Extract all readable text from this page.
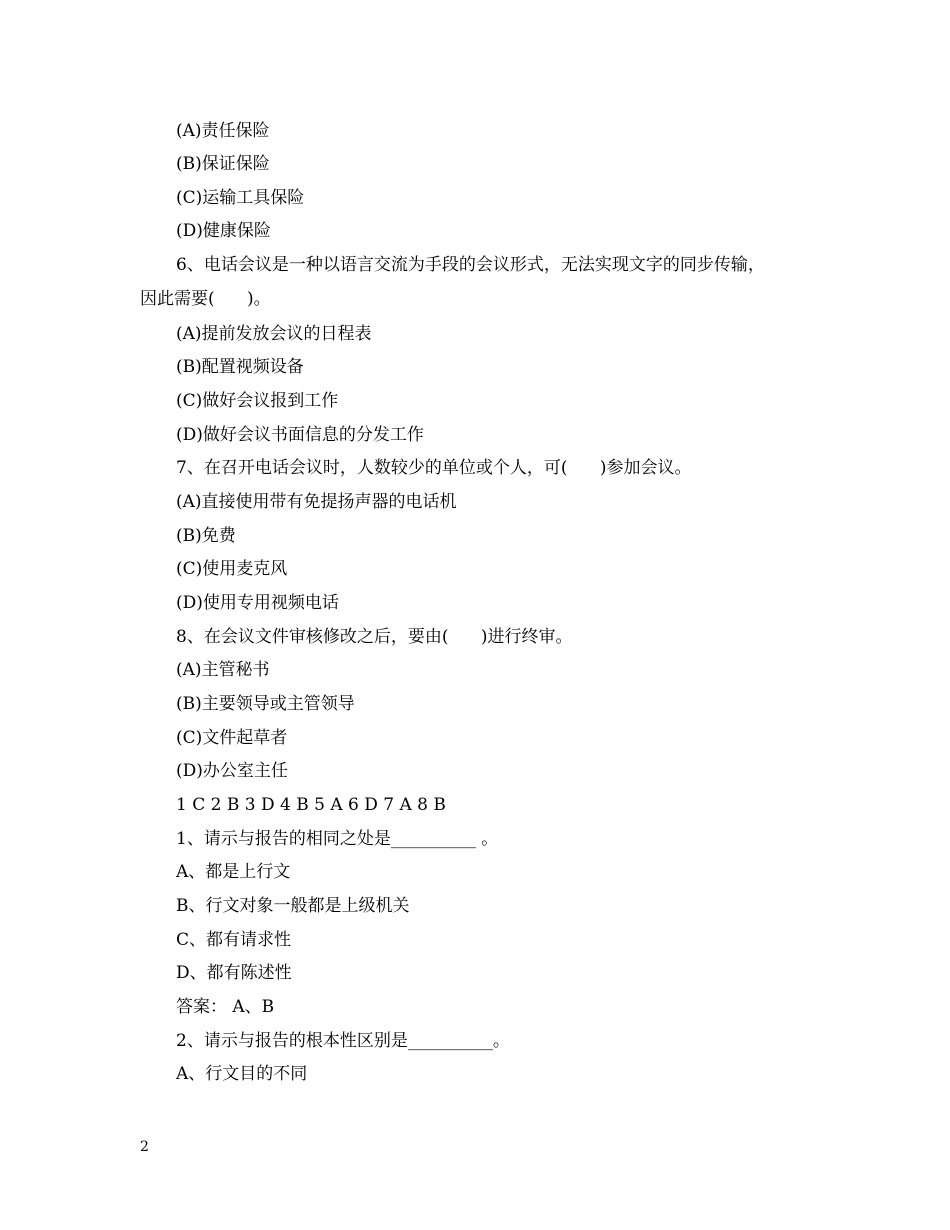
(A)责任保险
(B)保证保险
(C)运输工具保险
(D)健康保险
6、电话会议是一种以语言交流为手段的会议形式，无法实现文字的同步传输，
因此需要(      )。
(A)提前发放会议的日程表
(B)配置视频设备
(C)做好会议报到工作
(D)做好会议书面信息的分发工作
7、在召开电话会议时，人数较少的单位或个人，可(      )参加会议。
(A)直接使用带有免提扬声器的电话机
(B)免费
(C)使用麦克风
(D)使用专用视频电话
8、在会议文件审核修改之后，要由(      )进行终审。
(A)主管秘书
(B)主要领导或主管领导
(C)文件起草者
(D)办公室主任
1 C 2 B 3 D 4 B 5 A 6 D 7 A 8 B
1、请示与报告的相同之处是__________ 。
A、都是上行文
B、行文对象一般都是上级机关
C、都有请求性
D、都有陈述性
答案： A、B
2、请示与报告的根本性区别是__________。
A、行文目的不同
2
